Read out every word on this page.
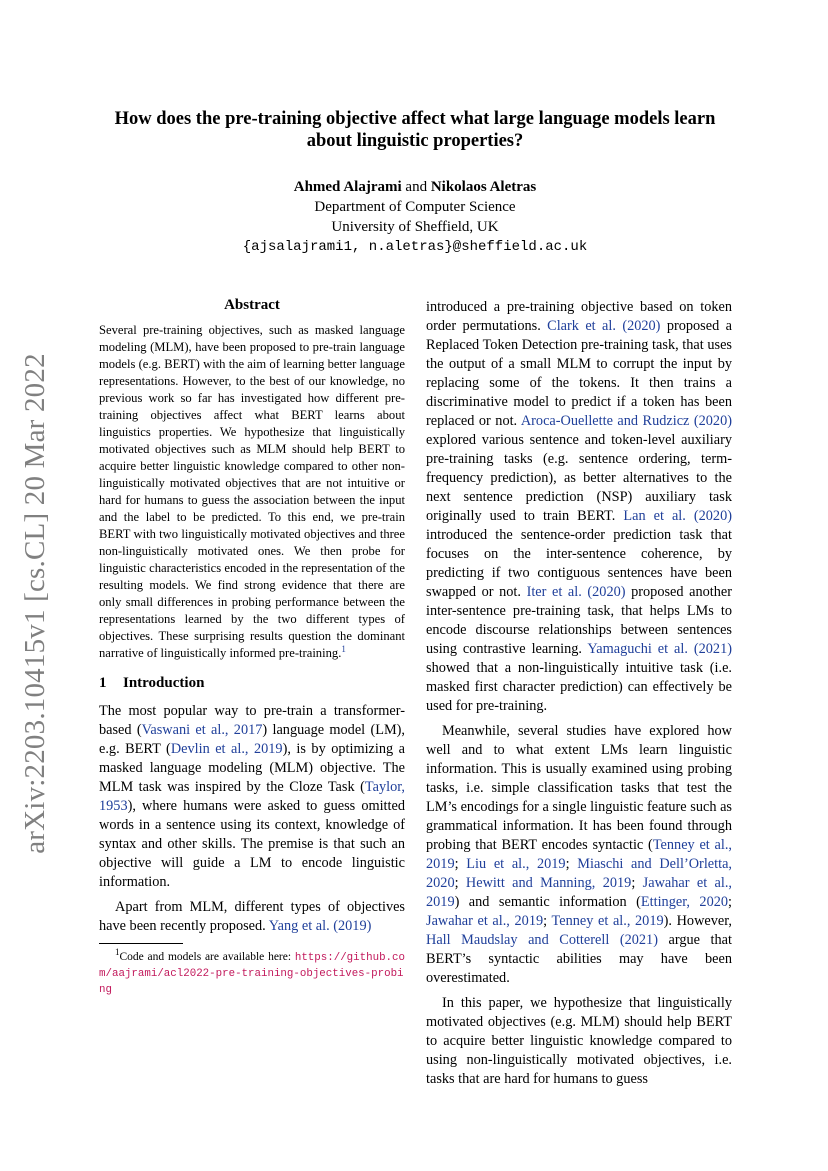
arXiv:2203.10415v1 [cs.CL] 20 Mar 2022
How does the pre-training objective affect what large language models learn about linguistic properties?
Ahmed Alajrami and Nikolaos Aletras
Department of Computer Science
University of Sheffield, UK
{ajsalajrami1, n.aletras}@sheffield.ac.uk
Abstract

Several pre-training objectives, such as masked language modeling (MLM), have been proposed to pre-train language models (e.g. BERT) with the aim of learning better language representations. However, to the best of our knowledge, no previous work so far has investigated how different pre-training objectives affect what BERT learns about linguistics properties. We hypothesize that linguistically motivated objectives such as MLM should help BERT to acquire better linguistic knowledge compared to other non-linguistically motivated objectives that are not intuitive or hard for humans to guess the association between the input and the label to be predicted. To this end, we pre-train BERT with two linguistically motivated objectives and three non-linguistically motivated ones. We then probe for linguistic characteristics encoded in the representation of the resulting models. We find strong evidence that there are only small differences in probing performance between the representations learned by the two different types of objectives. These surprising results question the dominant narrative of linguistically informed pre-training.$^1$

1 Introduction

The most popular way to pre-train a transformer-based (Vaswani et al., 2017) language model (LM), e.g. BERT (Devlin et al., 2019), is by optimizing a masked language modeling (MLM) objective. The MLM task was inspired by the Cloze Task (Taylor, 1953), where humans were asked to guess omitted words in a sentence using its context, knowledge of syntax and other skills. The premise is that such an objective will guide a LM to encode linguistic information.

Apart from MLM, different types of objectives have been recently proposed. Yang et al. (2019)

$^1$Code and models are available here: https://github.com/aajrami/acl2022-pre-training-objectives-probing

introduced a pre-training objective based on token order permutations. Clark et al. (2020) proposed a Replaced Token Detection pre-training task, that uses the output of a small MLM to corrupt the input by replacing some of the tokens. It then trains a discriminative model to predict if a token has been replaced or not. Aroca-Ouellette and Rudzicz (2020) explored various sentence and token-level auxiliary pre-training tasks (e.g. sentence ordering, term-frequency prediction), as better alternatives to the next sentence prediction (NSP) auxiliary task originally used to train BERT. Lan et al. (2020) introduced the sentence-order prediction task that focuses on the inter-sentence coherence, by predicting if two contiguous sentences have been swapped or not. Iter et al. (2020) proposed another inter-sentence pre-training task, that helps LMs to encode discourse relationships between sentences using contrastive learning. Yamaguchi et al. (2021) showed that a non-linguistically intuitive task (i.e. masked first character prediction) can effectively be used for pre-training.

Meanwhile, several studies have explored how well and to what extent LMs learn linguistic information. This is usually examined using probing tasks, i.e. simple classification tasks that test the LM’s encodings for a single linguistic feature such as grammatical information. It has been found through probing that BERT encodes syntactic (Tenney et al., 2019; Liu et al., 2019; Miaschi and Dell’Orletta, 2020; Hewitt and Manning, 2019; Jawahar et al., 2019) and semantic information (Ettinger, 2020; Jawahar et al., 2019; Tenney et al., 2019). However, Hall Maudslay and Cotterell (2021) argue that BERT’s syntactic abilities may have been overestimated.

In this paper, we hypothesize that linguistically motivated objectives (e.g. MLM) should help BERT to acquire better linguistic knowledge compared to using non-linguistically motivated objectives, i.e. tasks that are hard for humans to guess
